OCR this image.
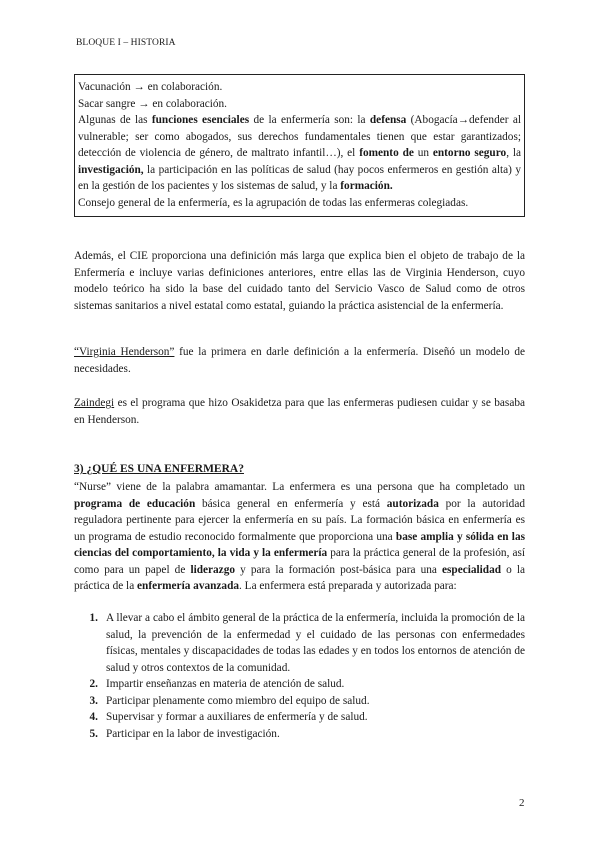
BLOQUE I – HISTORIA

Vacunación → en colaboración.

Sacar sangre → en colaboración.

Algunas de las funciones esenciales de la enfermería son: la defensa (Abogacía→defender al vulnerable; ser como abogados, sus derechos fundamentales tienen que estar garantizados; detección de violencia de género, de maltrato infantil…), el fomento de un entorno seguro, la investigación, la participación en las políticas de salud (hay pocos enfermeros en gestión alta) y en la gestión de los pacientes y los sistemas de salud, y la formación.

Consejo general de la enfermería, es la agrupación de todas las enfermeras colegiadas.

Además, el CIE proporciona una definición más larga que explica bien el objeto de trabajo de la Enfermería e incluye varias definiciones anteriores, entre ellas las de Virginia Henderson, cuyo modelo teórico ha sido la base del cuidado tanto del Servicio Vasco de Salud como de otros sistemas sanitarios a nivel estatal como estatal, guiando la práctica asistencial de la enfermería.

“Virginia Henderson” fue la primera en darle definición a la enfermería. Diseñó un modelo de necesidades.

Zaindegi es el programa que hizo Osakidetza para que las enfermeras pudiesen cuidar y se basaba en Henderson.

3) ¿QUÉ ES UNA ENFERMERA?

“Nurse” viene de la palabra amamantar. La enfermera es una persona que ha completado un programa de educación básica general en enfermería y está autorizada por la autoridad reguladora pertinente para ejercer la enfermería en su país. La formación básica en enfermería es un programa de estudio reconocido formalmente que proporciona una base amplia y sólida en las ciencias del comportamiento, la vida y la enfermería para la práctica general de la profesión, así como para un papel de liderazgo y para la formación post-básica para una especialidad o la práctica de la enfermería avanzada. La enfermera está preparada y autorizada para:

1. A llevar a cabo el ámbito general de la práctica de la enfermería, incluida la promoción de la salud, la prevención de la enfermedad y el cuidado de las personas con enfermedades físicas, mentales y discapacidades de todas las edades y en todos los entornos de atención de salud y otros contextos de la comunidad.
2. Impartir enseñanzas en materia de atención de salud.
3. Participar plenamente como miembro del equipo de salud.
4. Supervisar y formar a auxiliares de enfermería y de salud.
5. Participar en la labor de investigación.
2
